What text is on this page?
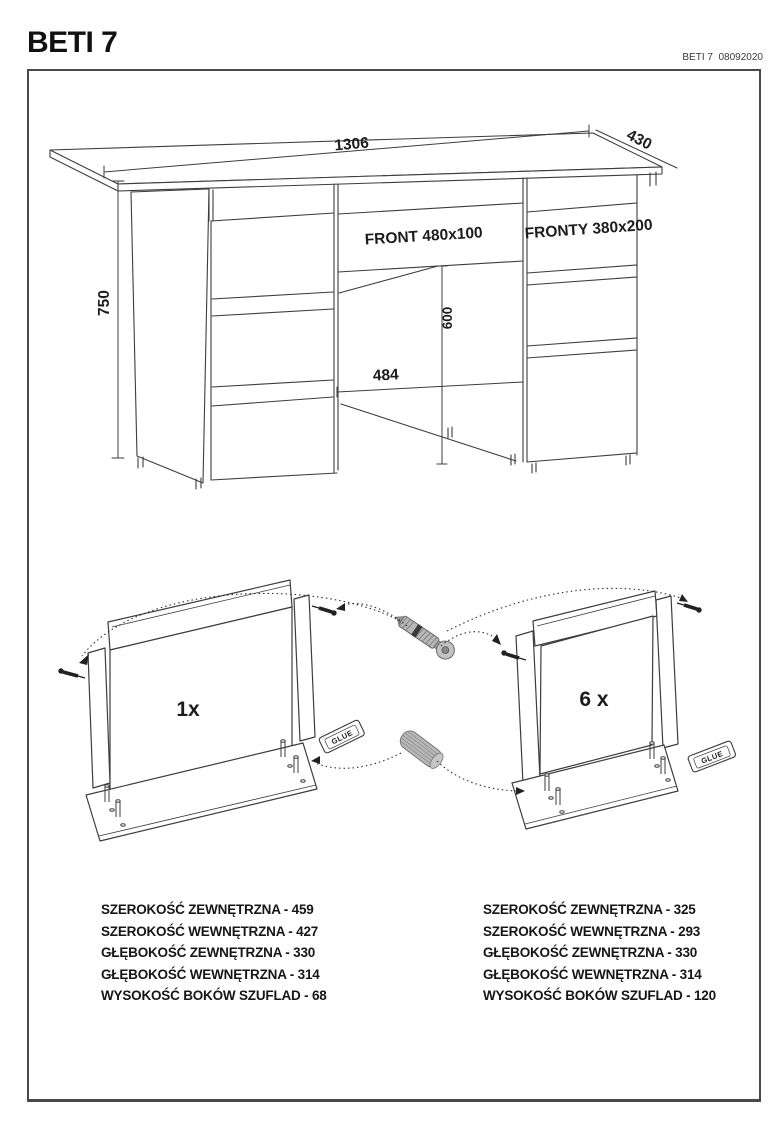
BETI 7	BETI 7  08092020
1306	430
750
600
484
FRONT 480x100	FRONTY 380x200
1x	6 x
GLUE
GLUE

SZEROKOŚĆ ZEWNĘTRZNA - 459

SZEROKOŚĆ WEWNĘTRZNA - 427

GŁĘBOKOŚĆ ZEWNĘTRZNA - 330

GŁĘBOKOŚĆ WEWNĘTRZNA - 314

WYSOKOŚĆ BOKÓW SZUFLAD - 68

SZEROKOŚĆ ZEWNĘTRZNA - 325

SZEROKOŚĆ WEWNĘTRZNA - 293

GŁĘBOKOŚĆ ZEWNĘTRZNA - 330

GŁĘBOKOŚĆ WEWNĘTRZNA - 314

WYSOKOŚĆ BOKÓW SZUFLAD - 120
